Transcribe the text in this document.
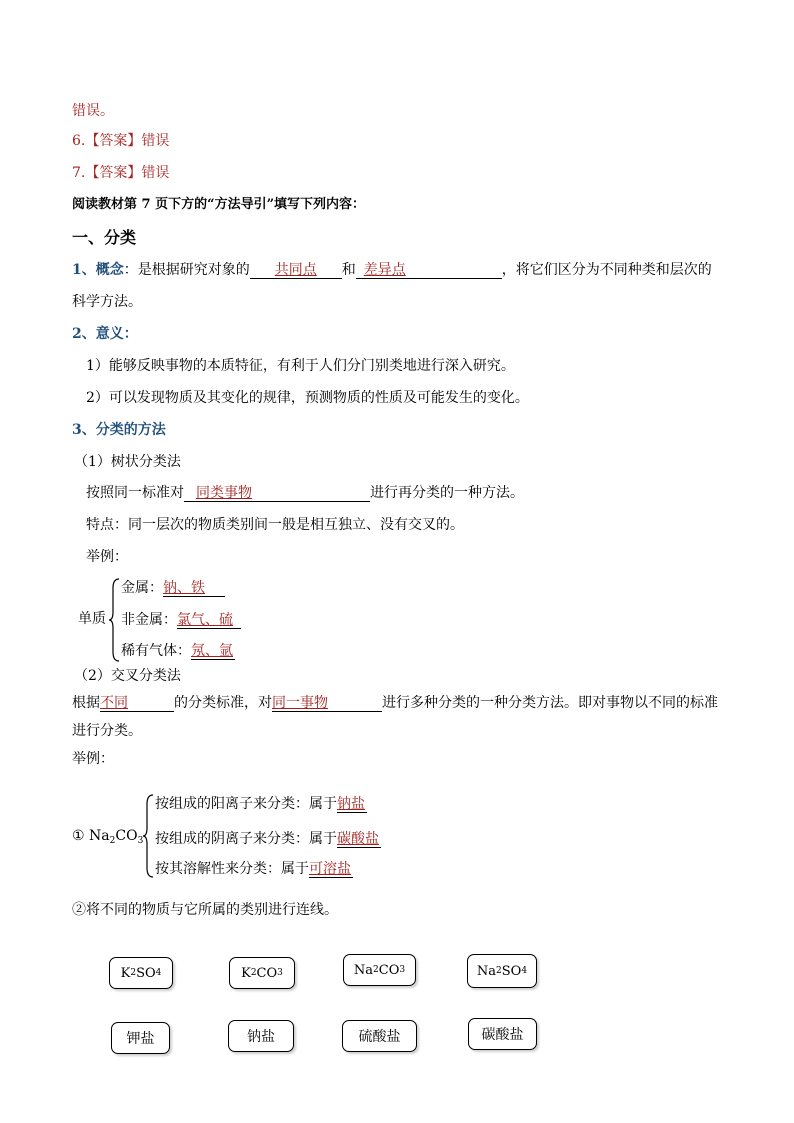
错误。
6.【答案】错误
7.【答案】错误
阅读教材第 7 页下方的“方法导引”填写下列内容：
一、分类
1、概念：是根据研究对象的 共同点 和 差异点	，将它们区分为不同种类和层次的
科学方法。
2、意义：
1）能够反映事物的本质特征，有利于人们分门别类地进行深入研究。
2）可以发现物质及其变化的规律，预测物质的性质及可能发生的变化。
3、分类的方法
（1）树状分类法
按照同一标准对 同类事物	进行再分类的一种方法。
特点：同一层次的物质类别间一般是相互独立、没有交叉的。
举例：
单质
金属：钠、铁
非金属：氯气、硫
稀有气体：氖、氩
（2）交叉分类法
根据不同	的分类标准，对同一事物	进行多种分类的一种分类方法。即对事物以不同的标准
进行分类。
举例：
① $Na_2CO_3$
按组成的阳离子来分类：属于钠盐
按组成的阴离子来分类：属于碳酸盐
按其溶解性来分类：属于可溶盐
②将不同的物质与它所属的类别进行连线。
K 2 SO 4	K 2 CO 3	Na 2 CO 3	Na 2 SO 4
钾盐	钠盐	硫酸盐	碳酸盐
